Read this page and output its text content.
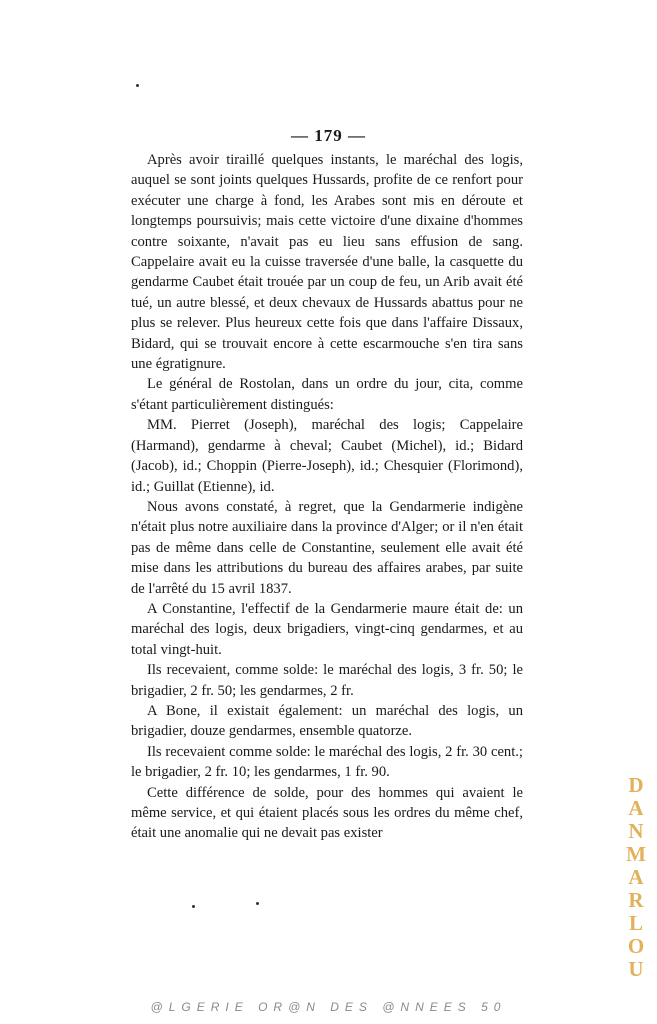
— 179 —

Après avoir tiraillé quelques instants, le maréchal des logis, auquel se sont joints quelques Hussards, profite de ce renfort pour exécuter une charge à fond, les Arabes sont mis en déroute et longtemps poursuivis; mais cette victoire d'une dixaine d'hommes contre soixante, n'avait pas eu lieu sans effusion de sang. Cappelaire avait eu la cuisse traversée d'une balle, la casquette du gendarme Caubet était trouée par un coup de feu, un Arib avait été tué, un autre blessé, et deux chevaux de Hussards abattus pour ne plus se relever. Plus heureux cette fois que dans l'affaire Dissaux, Bidard, qui se trouvait encore à cette escarmouche s'en tira sans une égratignure.

Le général de Rostolan, dans un ordre du jour, cita, comme s'étant particulièrement distingués:

MM. Pierret (Joseph), maréchal des logis; Cappelaire (Harmand), gendarme à cheval; Caubet (Michel), id.; Bidard (Jacob), id.; Choppin (Pierre-Joseph), id.; Chesquier (Florimond), id.; Guillat (Etienne), id.

Nous avons constaté, à regret, que la Gendarmerie indigène n'était plus notre auxiliaire dans la province d'Alger; or il n'en était pas de même dans celle de Constantine, seulement elle avait été mise dans les attributions du bureau des affaires arabes, par suite de l'arrêté du 15 avril 1837.

A Constantine, l'effectif de la Gendarmerie maure était de: un maréchal des logis, deux brigadiers, vingt-cinq gendarmes, et au total vingt-huit.

Ils recevaient, comme solde: le maréchal des logis, 3 fr. 50; le brigadier, 2 fr. 50; les gendarmes, 2 fr.

A Bone, il existait également: un maréchal des logis, un brigadier, douze gendarmes, ensemble quatorze.

Ils recevaient comme solde: le maréchal des logis, 2 fr. 30 cent.; le brigadier, 2 fr. 10; les gendarmes, 1 fr. 90.

Cette différence de solde, pour des hommes qui avaient le même service, et qui étaient placés sous les ordres du même chef, était une anomalie qui ne devait pas exister

DANMARLOU
@LGERIE OR@N DES @NNEES 50
